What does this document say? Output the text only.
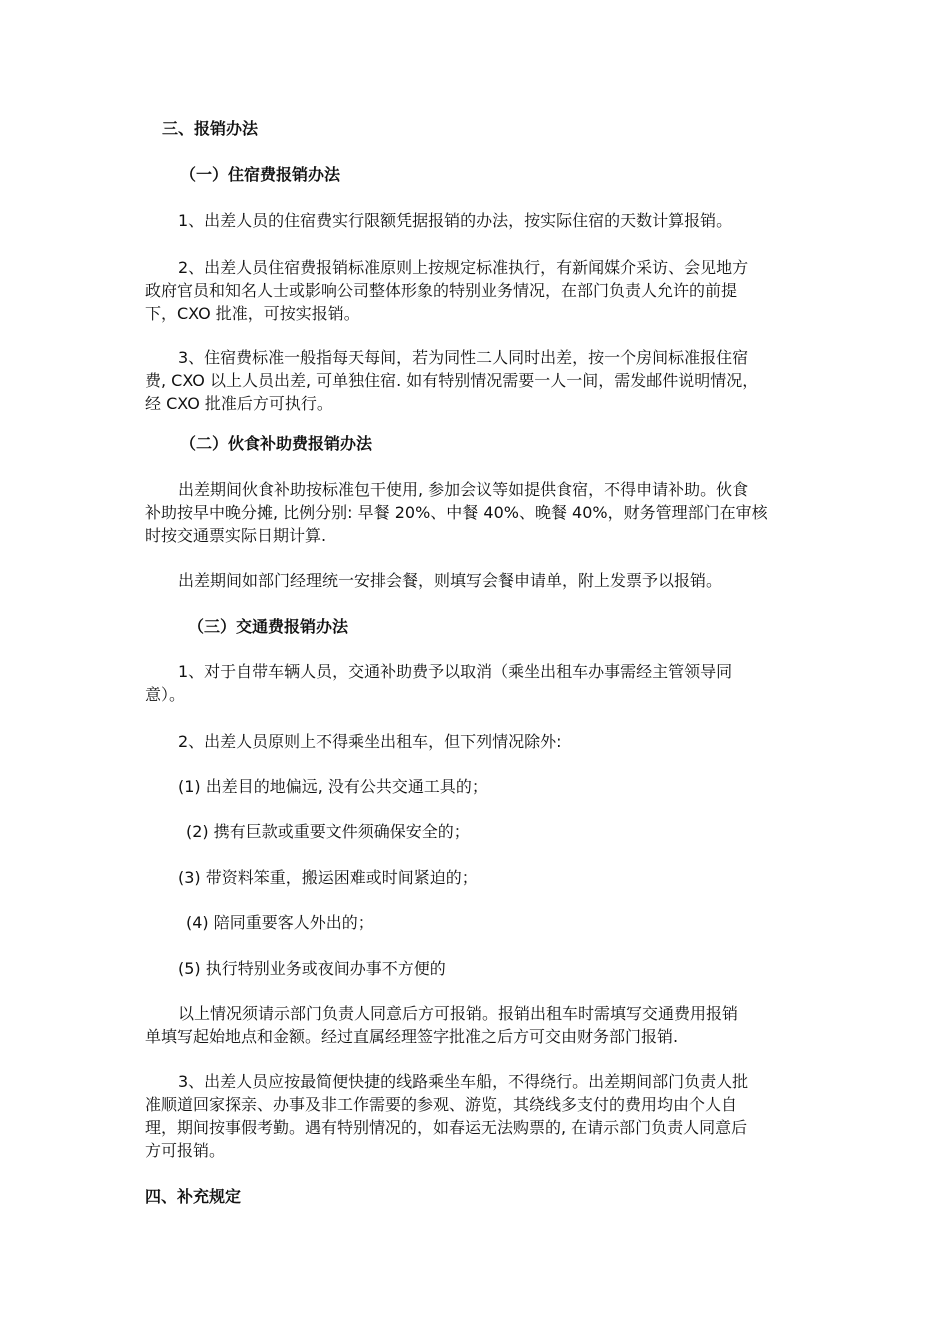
三、报销办法

（一）住宿费报销办法

1、出差人员的住宿费实行限额凭据报销的办法，按实际住宿的天数计算报销。

2、出差人员住宿费报销标准原则上按规定标准执行，有新闻媒介采访、会见地方
政府官员和知名人士或影响公司整体形象的特别业务情况，在部门负责人允许的前提
下，CXO 批准，可按实报销。
3、住宿费标准一般指每天每间，若为同性二人同时出差，按一个房间标准报住宿
费, CXO 以上人员出差, 可单独住宿. 如有特别情况需要一人一间，需发邮件说明情况，
经 CXO 批准后方可执行。

（二）伙食补助费报销办法

出差期间伙食补助按标准包干使用, 参加会议等如提供食宿，不得申请补助。伙食
补助按早中晚分摊, 比例分别: 早餐 20%、中餐 40%、晚餐 40%，财务管理部门在审核
时按交通票实际日期计算.

出差期间如部门经理统一安排会餐，则填写会餐申请单，附上发票予以报销。

（三）交通费报销办法

1、对于自带车辆人员，交通补助费予以取消（乘坐出租车办事需经主管领导同
意）。

2、出差人员原则上不得乘坐出租车，但下列情况除外:

(1) 出差目的地偏远, 没有公共交通工具的；

(2) 携有巨款或重要文件须确保安全的；

(3) 带资料笨重，搬运困难或时间紧迫的；

(4) 陪同重要客人外出的；

(5) 执行特别业务或夜间办事不方便的

以上情况须请示部门负责人同意后方可报销。报销出租车时需填写交通费用报销
单填写起始地点和金额。经过直属经理签字批准之后方可交由财务部门报销.
3、出差人员应按最简便快捷的线路乘坐车船，不得绕行。出差期间部门负责人批
准顺道回家探亲、办事及非工作需要的参观、游览，其绕线多支付的费用均由个人自
理，期间按事假考勤。遇有特别情况的，如春运无法购票的, 在请示部门负责人同意后
方可报销。

四、补充规定
